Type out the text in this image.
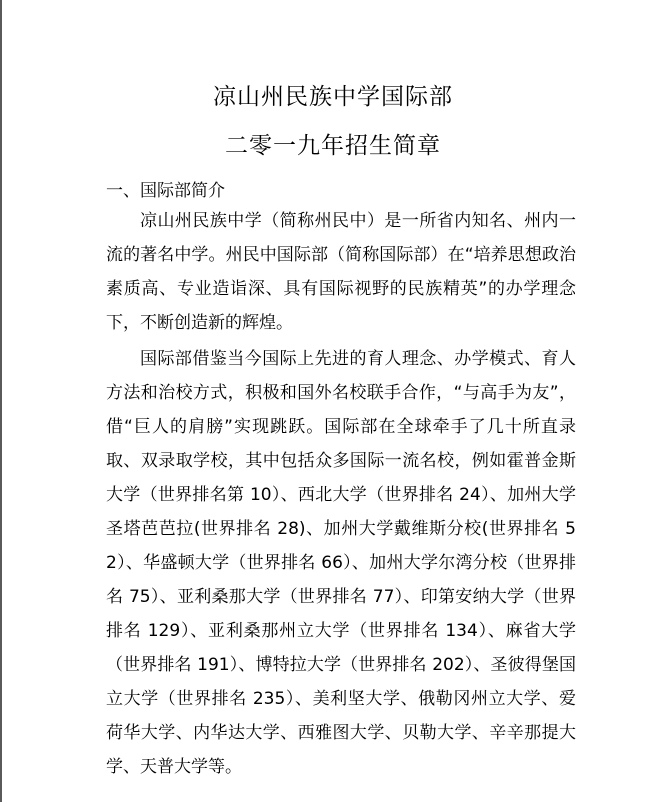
凉山州民族中学国际部
二零一九年招生简章
一、国际部简介

凉山州民族中学（简称州民中）是一所省内知名、州内一流的著名中学。州民中国际部（简称国际部）在“培养思想政治素质高、专业造诣深、具有国际视野的民族精英”的办学理念下，不断创造新的辉煌。

国际部借鉴当今国际上先进的育人理念、办学模式、育人方法和治校方式，积极和国外名校联手合作，“与高手为友”，借“巨人的肩膀”实现跳跃。国际部在全球牵手了几十所直录取、双录取学校，其中包括众多国际一流名校，例如霍普金斯大学（世界排名第 10）、西北大学（世界排名 24）、加州大学圣塔芭芭拉(世界排名 28)、加州大学戴维斯分校(世界排名 52）、华盛顿大学（世界排名 66）、加州大学尔湾分校（世界排名 75）、亚利桑那大学（世界排名 77）、印第安纳大学（世界排名 129）、亚利桑那州立大学（世界排名 134）、麻省大学（世界排名 191）、博特拉大学（世界排名 202）、圣彼得堡国立大学（世界排名 235）、美利坚大学、俄勒冈州立大学、爱荷华大学、内华达大学、西雅图大学、贝勒大学、辛辛那提大学、天普大学等。
